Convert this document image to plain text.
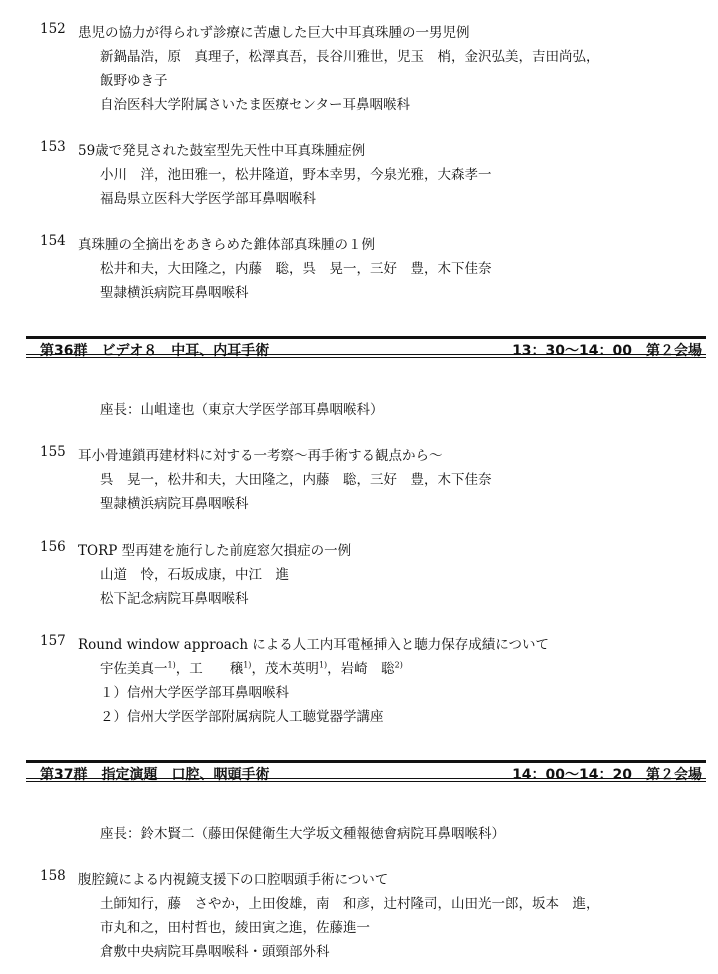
152 患児の協力が得られず診療に苦慮した巨大中耳真珠腫の一男児例
新鍋晶浩，原　真理子，松澤真吾，長谷川雅世，児玉　梢，金沢弘美，吉田尚弘，
飯野ゆき子
自治医科大学附属さいたま医療センター耳鼻咽喉科
153 59歳で発見された鼓室型先天性中耳真珠腫症例
小川　洋，池田雅一，松井隆道，野本幸男，今泉光雅，大森孝一
福島県立医科大学医学部耳鼻咽喉科
154 真珠腫の全摘出をあきらめた錐体部真珠腫の１例
松井和夫，大田隆之，内藤　聡，呉　晃一，三好　豊，木下佳奈
聖隷横浜病院耳鼻咽喉科
第36群　ビデオ８　中耳、内耳手術	13：30〜14：00　第２会場
座長：山岨達也（東京大学医学部耳鼻咽喉科）
155 耳小骨連鎖再建材料に対する一考察〜再手術する観点から〜
呉　晃一，松井和夫，大田隆之，内藤　聡，三好　豊，木下佳奈
聖隷横浜病院耳鼻咽喉科
156 TORP 型再建を施行した前庭窓欠損症の一例
山道　怜，石坂成康，中江　進
松下記念病院耳鼻咽喉科
157 Round window approach による人工内耳電極挿入と聴力保存成績について
宇佐美真一$^{1)}$，工　　穣$^{1)}$，茂木英明$^{1)}$，岩崎　聡$^{2)}$
１）信州大学医学部耳鼻咽喉科
２）信州大学医学部附属病院人工聴覚器学講座
第37群　指定演題　口腔、咽頭手術	14：00〜14：20　第２会場
座長：鈴木賢二（藤田保健衛生大学坂文種報徳會病院耳鼻咽喉科）
158 腹腔鏡による内視鏡支援下の口腔咽頭手術について
土師知行，藤　さやか，上田俊雄，南　和彦，辻村隆司，山田光一郎，坂本　進，
市丸和之，田村哲也，綾田寅之進，佐藤進一
倉敷中央病院耳鼻咽喉科・頭頸部外科
